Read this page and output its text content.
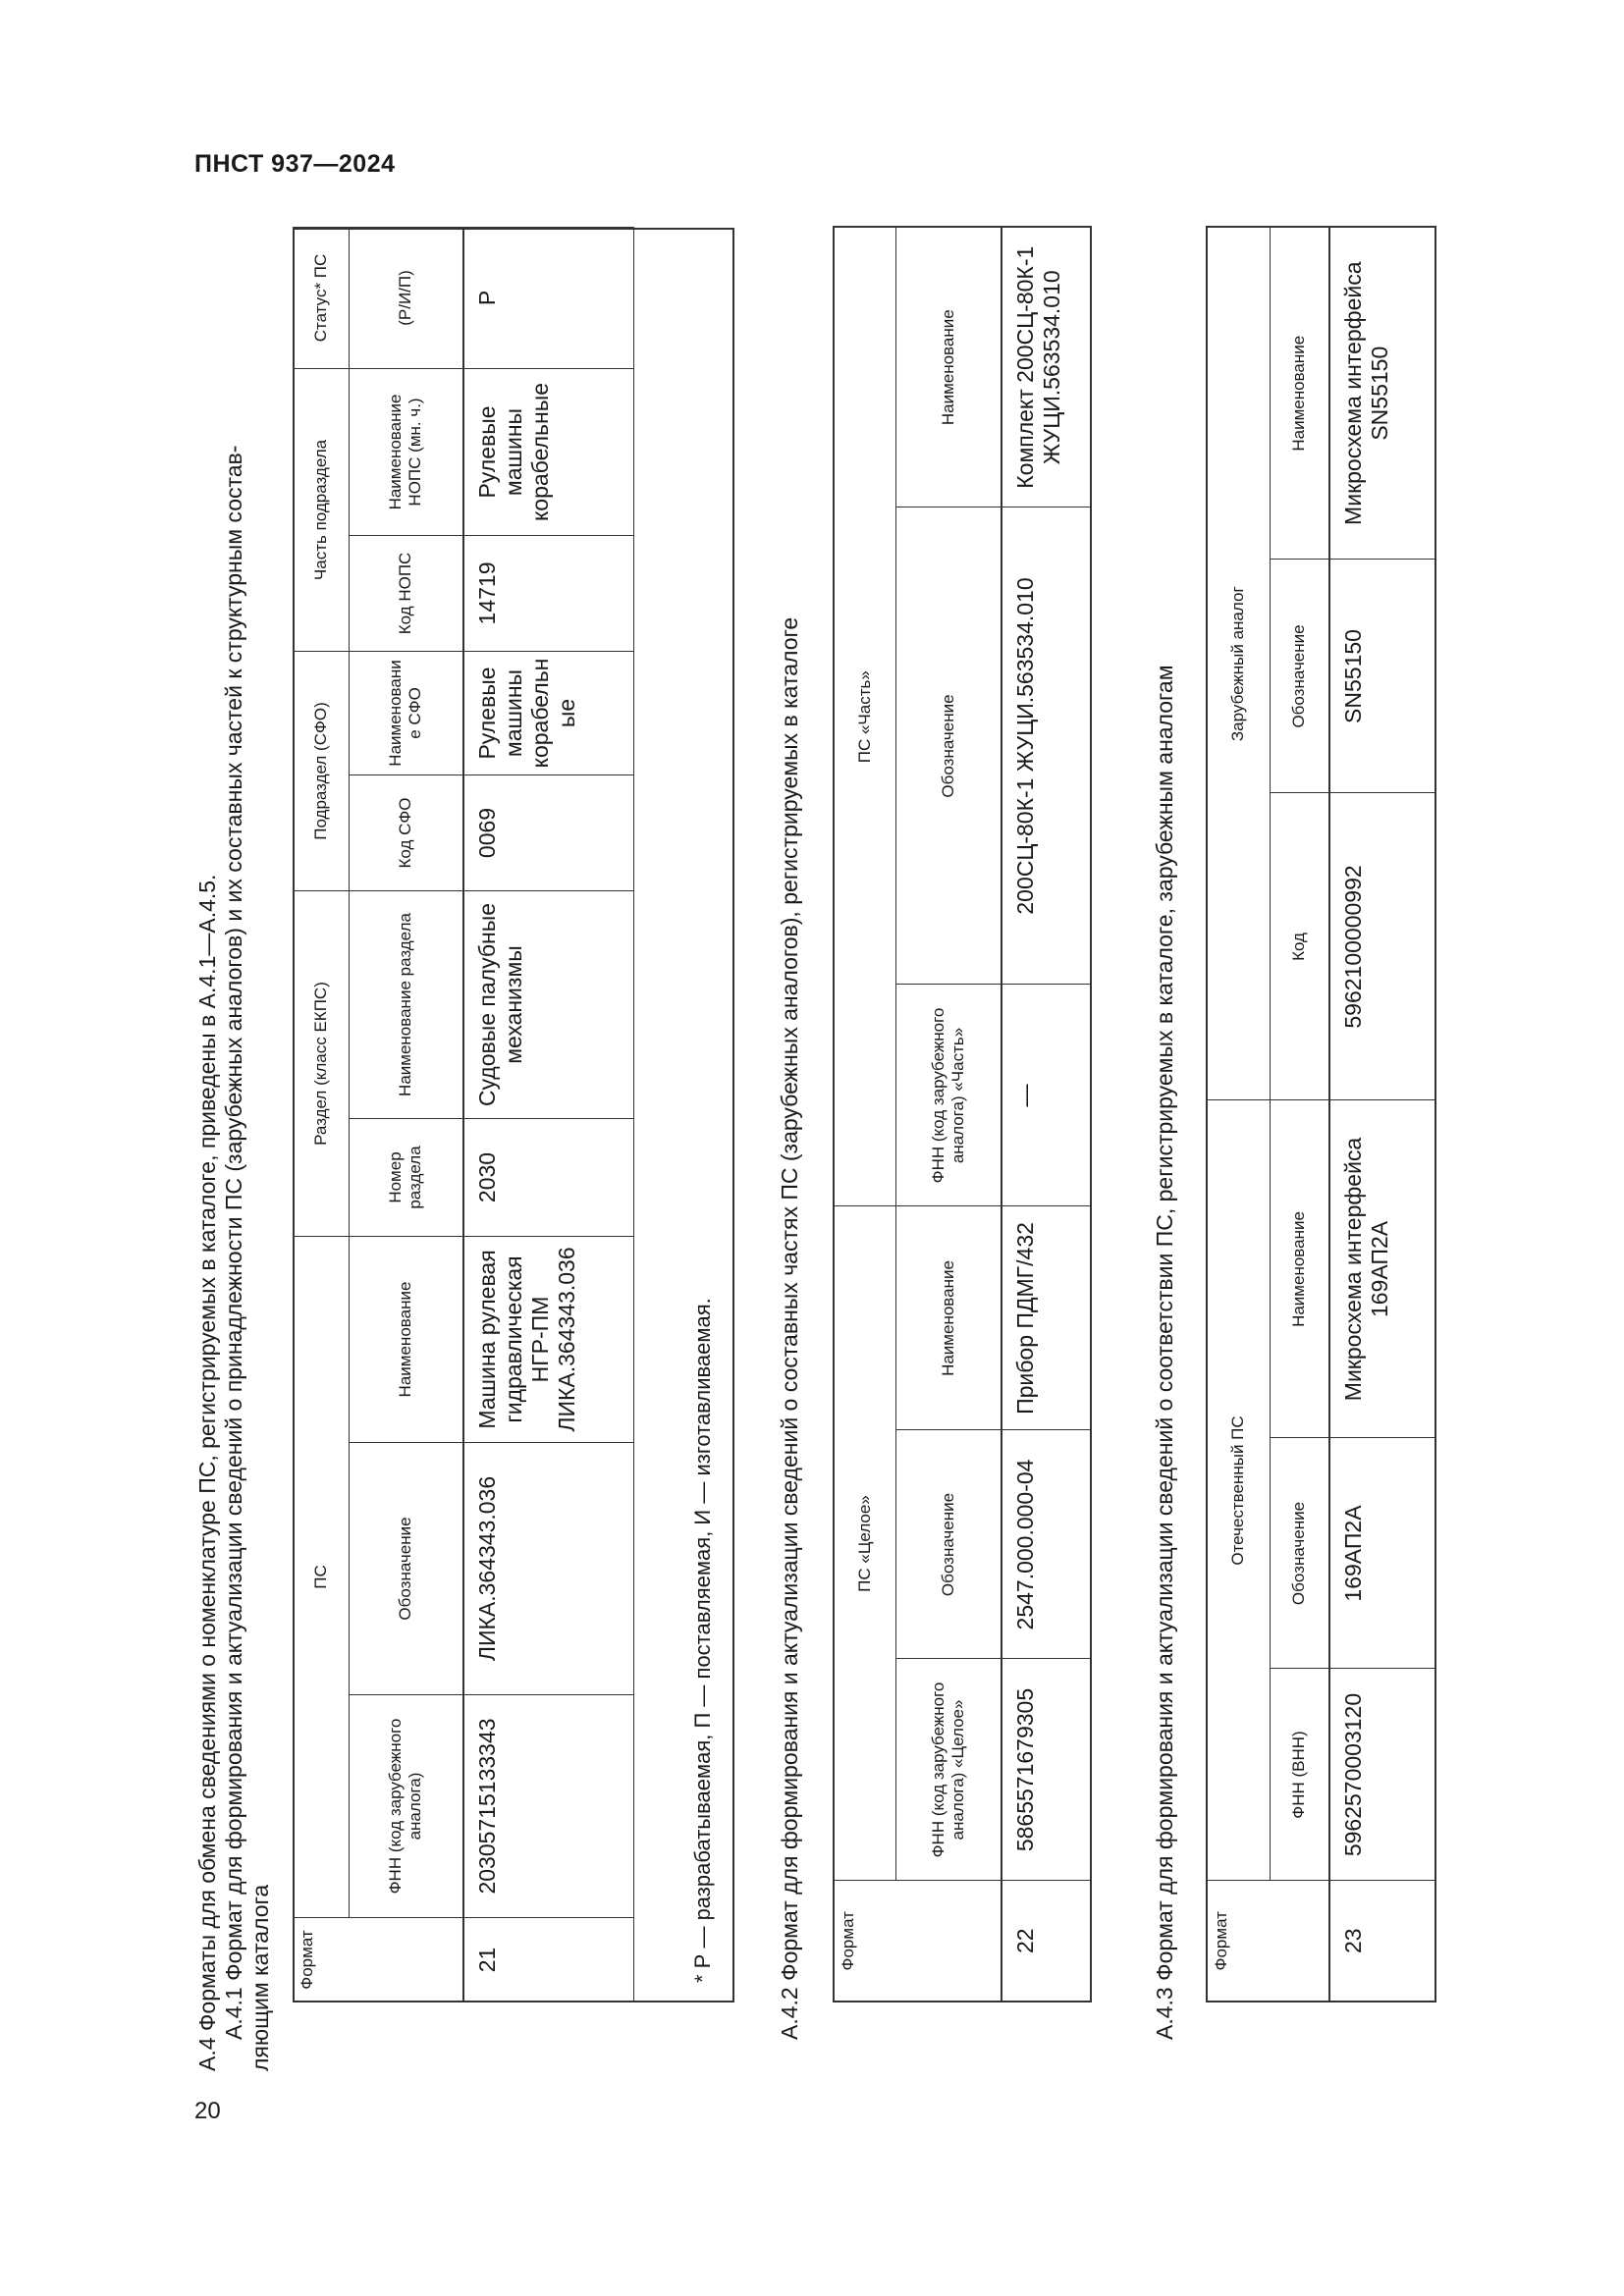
ПНСТ 937—2024
20
А.4 Форматы для обмена сведениями о номенклатуре ПС, регистрируемых в каталоге, приведены в А.4.1—А.4.5. А.4.1 Формат для формирования и актуализации сведений о принадлежности ПС (зарубежных аналогов) и их составных частей к структурным состав- ляющим каталога Формат	ПС			Раздел (класс ЕКПС)		Подраздел (СФО)		Часть подраздела		Статус* ПС
	ФНН (код зарубежного аналога)	Обозначение	Наименование	Номер раздела	Наименование раздела	Код СФО	Наименование СФО	Код НОПС	Наименование НОПС (мн. ч.)	(Р/И/П)
21	20305715133343	ЛИКА.364343.036	Машина рулевая гидравлическая НГР-ПМ ЛИКА.364343.036	2030	Судовые палубные механизмы	0069	Рулевые машины корабельные	14719	Рулевые машины корабельные	Р
* Р — разрабатываемая, П — поставляемая, И — изготавливаемая.	А.4.2 Формат для формирования и актуализации сведений о составных частях ПС (зарубежных аналогов), регистрируемых в каталоге Формат	ПС «Целое»			ПС «Часть»		
	ФНН (код зарубежного аналога) «Целое»	Обозначение	Наименование	ФНН (код зарубежного аналога) «Часть»	Обозначение	Наименование
22	5865571679305	2547.000.000-04	Прибор ПДМГ/432	—	200СЦ-80К-1 ЖУЦИ.563534.010	Комплект 200СЦ-80К-1 ЖУЦИ.563534.010
А.4.3 Формат для формирования и актуализации сведений о соответствии ПС, регистрируемых в каталоге, зарубежным аналогам Формат	Отечественный ПС			Зарубежный аналог		
	ФНН (ВНН)	Обозначение	Наименование	Код	Обозначение	Наименование
23	5962570003120	169АП2А	Микросхема интерфейса 169АП2А	5962100000992	SN55150	Микросхема интерфейса SN55150
